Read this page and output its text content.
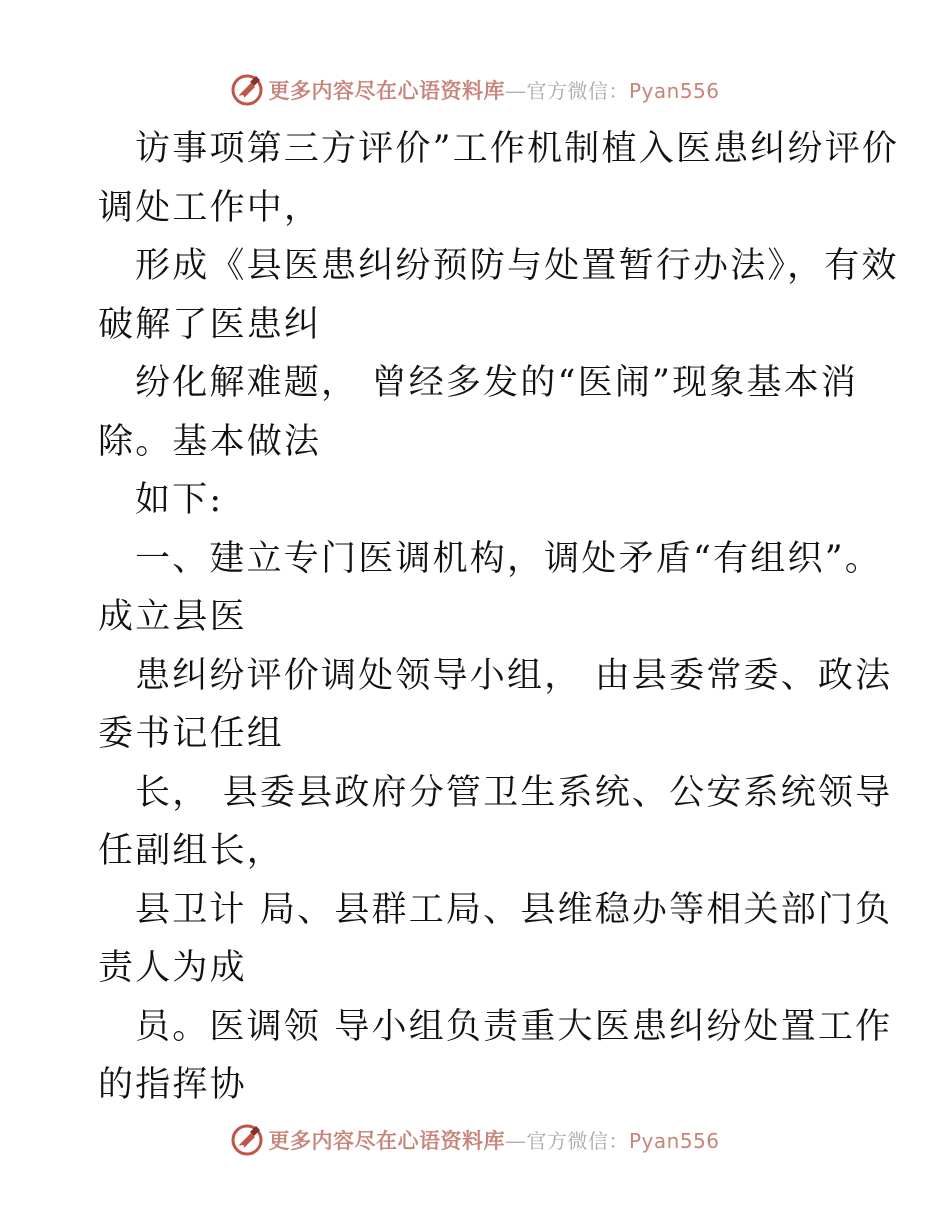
更多内容尽在心语资料库—官方微信：Pyan556
访事项第三方评价”工作机制植入医患纠纷评价
调处工作中，
形成《县医患纠纷预防与处置暂行办法》，有效
破解了医患纠
纷化解难题， 曾经多发的“医闹”现象基本消
除。基本做法
如下:
一、建立专门医调机构，调处矛盾“有组织”。
成立县医
患纠纷评价调处领导小组， 由县委常委、政法
委书记任组
长， 县委县政府分管卫生系统、公安系统领导
任副组长，
县卫计 局、县群工局、县维稳办等相关部门负
责人为成
员。医调领 导小组负责重大医患纠纷处置工作
的指挥协
更多内容尽在心语资料库—官方微信：Pyan556
